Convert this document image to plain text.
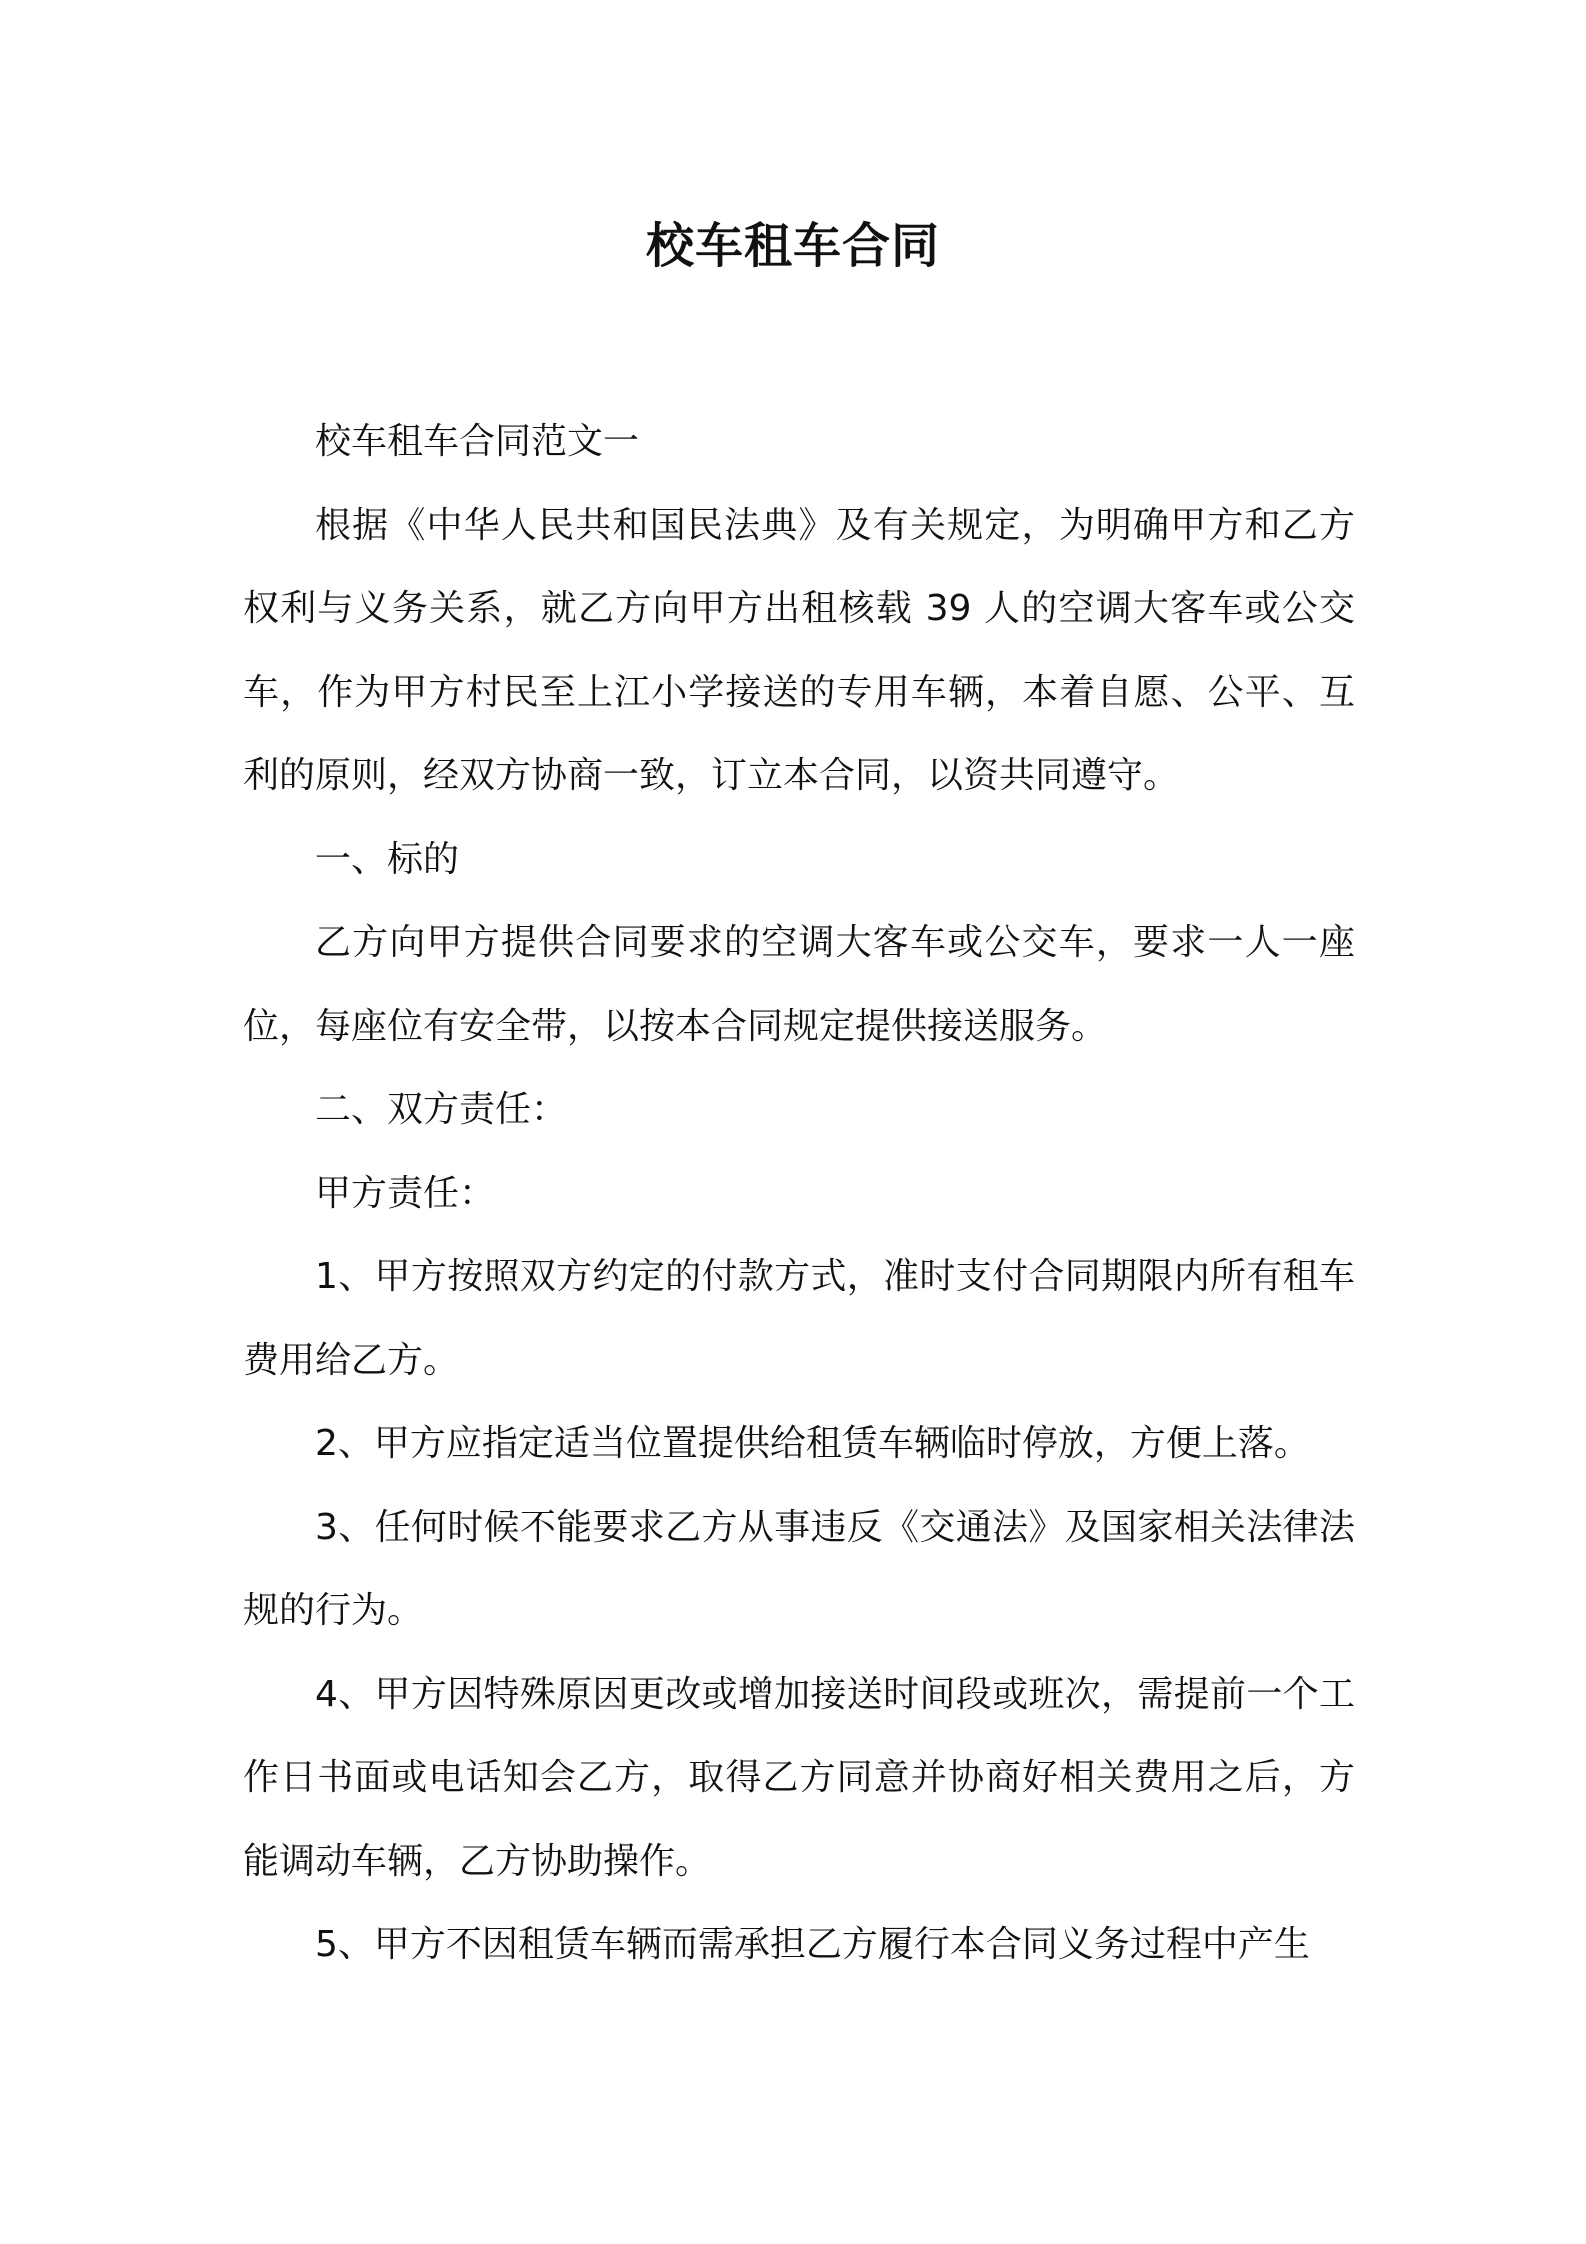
校车租车合同

校车租车合同范文一

根据《中华人民共和国民法典》及有关规定，为明确甲方和乙方权利与义务关系，就乙方向甲方出租核载 39 人的空调大客车或公交车，作为甲方村民至上江小学接送的专用车辆，本着自愿、公平、互利的原则，经双方协商一致，订立本合同，以资共同遵守。

一、标的

乙方向甲方提供合同要求的空调大客车或公交车，要求一人一座位，每座位有安全带，以按本合同规定提供接送服务。

二、双方责任：

甲方责任：

1、甲方按照双方约定的付款方式，准时支付合同期限内所有租车费用给乙方。

2、甲方应指定适当位置提供给租赁车辆临时停放，方便上落。

3、任何时候不能要求乙方从事违反《交通法》及国家相关法律法规的行为。

4、甲方因特殊原因更改或增加接送时间段或班次，需提前一个工作日书面或电话知会乙方，取得乙方同意并协商好相关费用之后，方能调动车辆，乙方协助操作。

5、甲方不因租赁车辆而需承担乙方履行本合同义务过程中产生
